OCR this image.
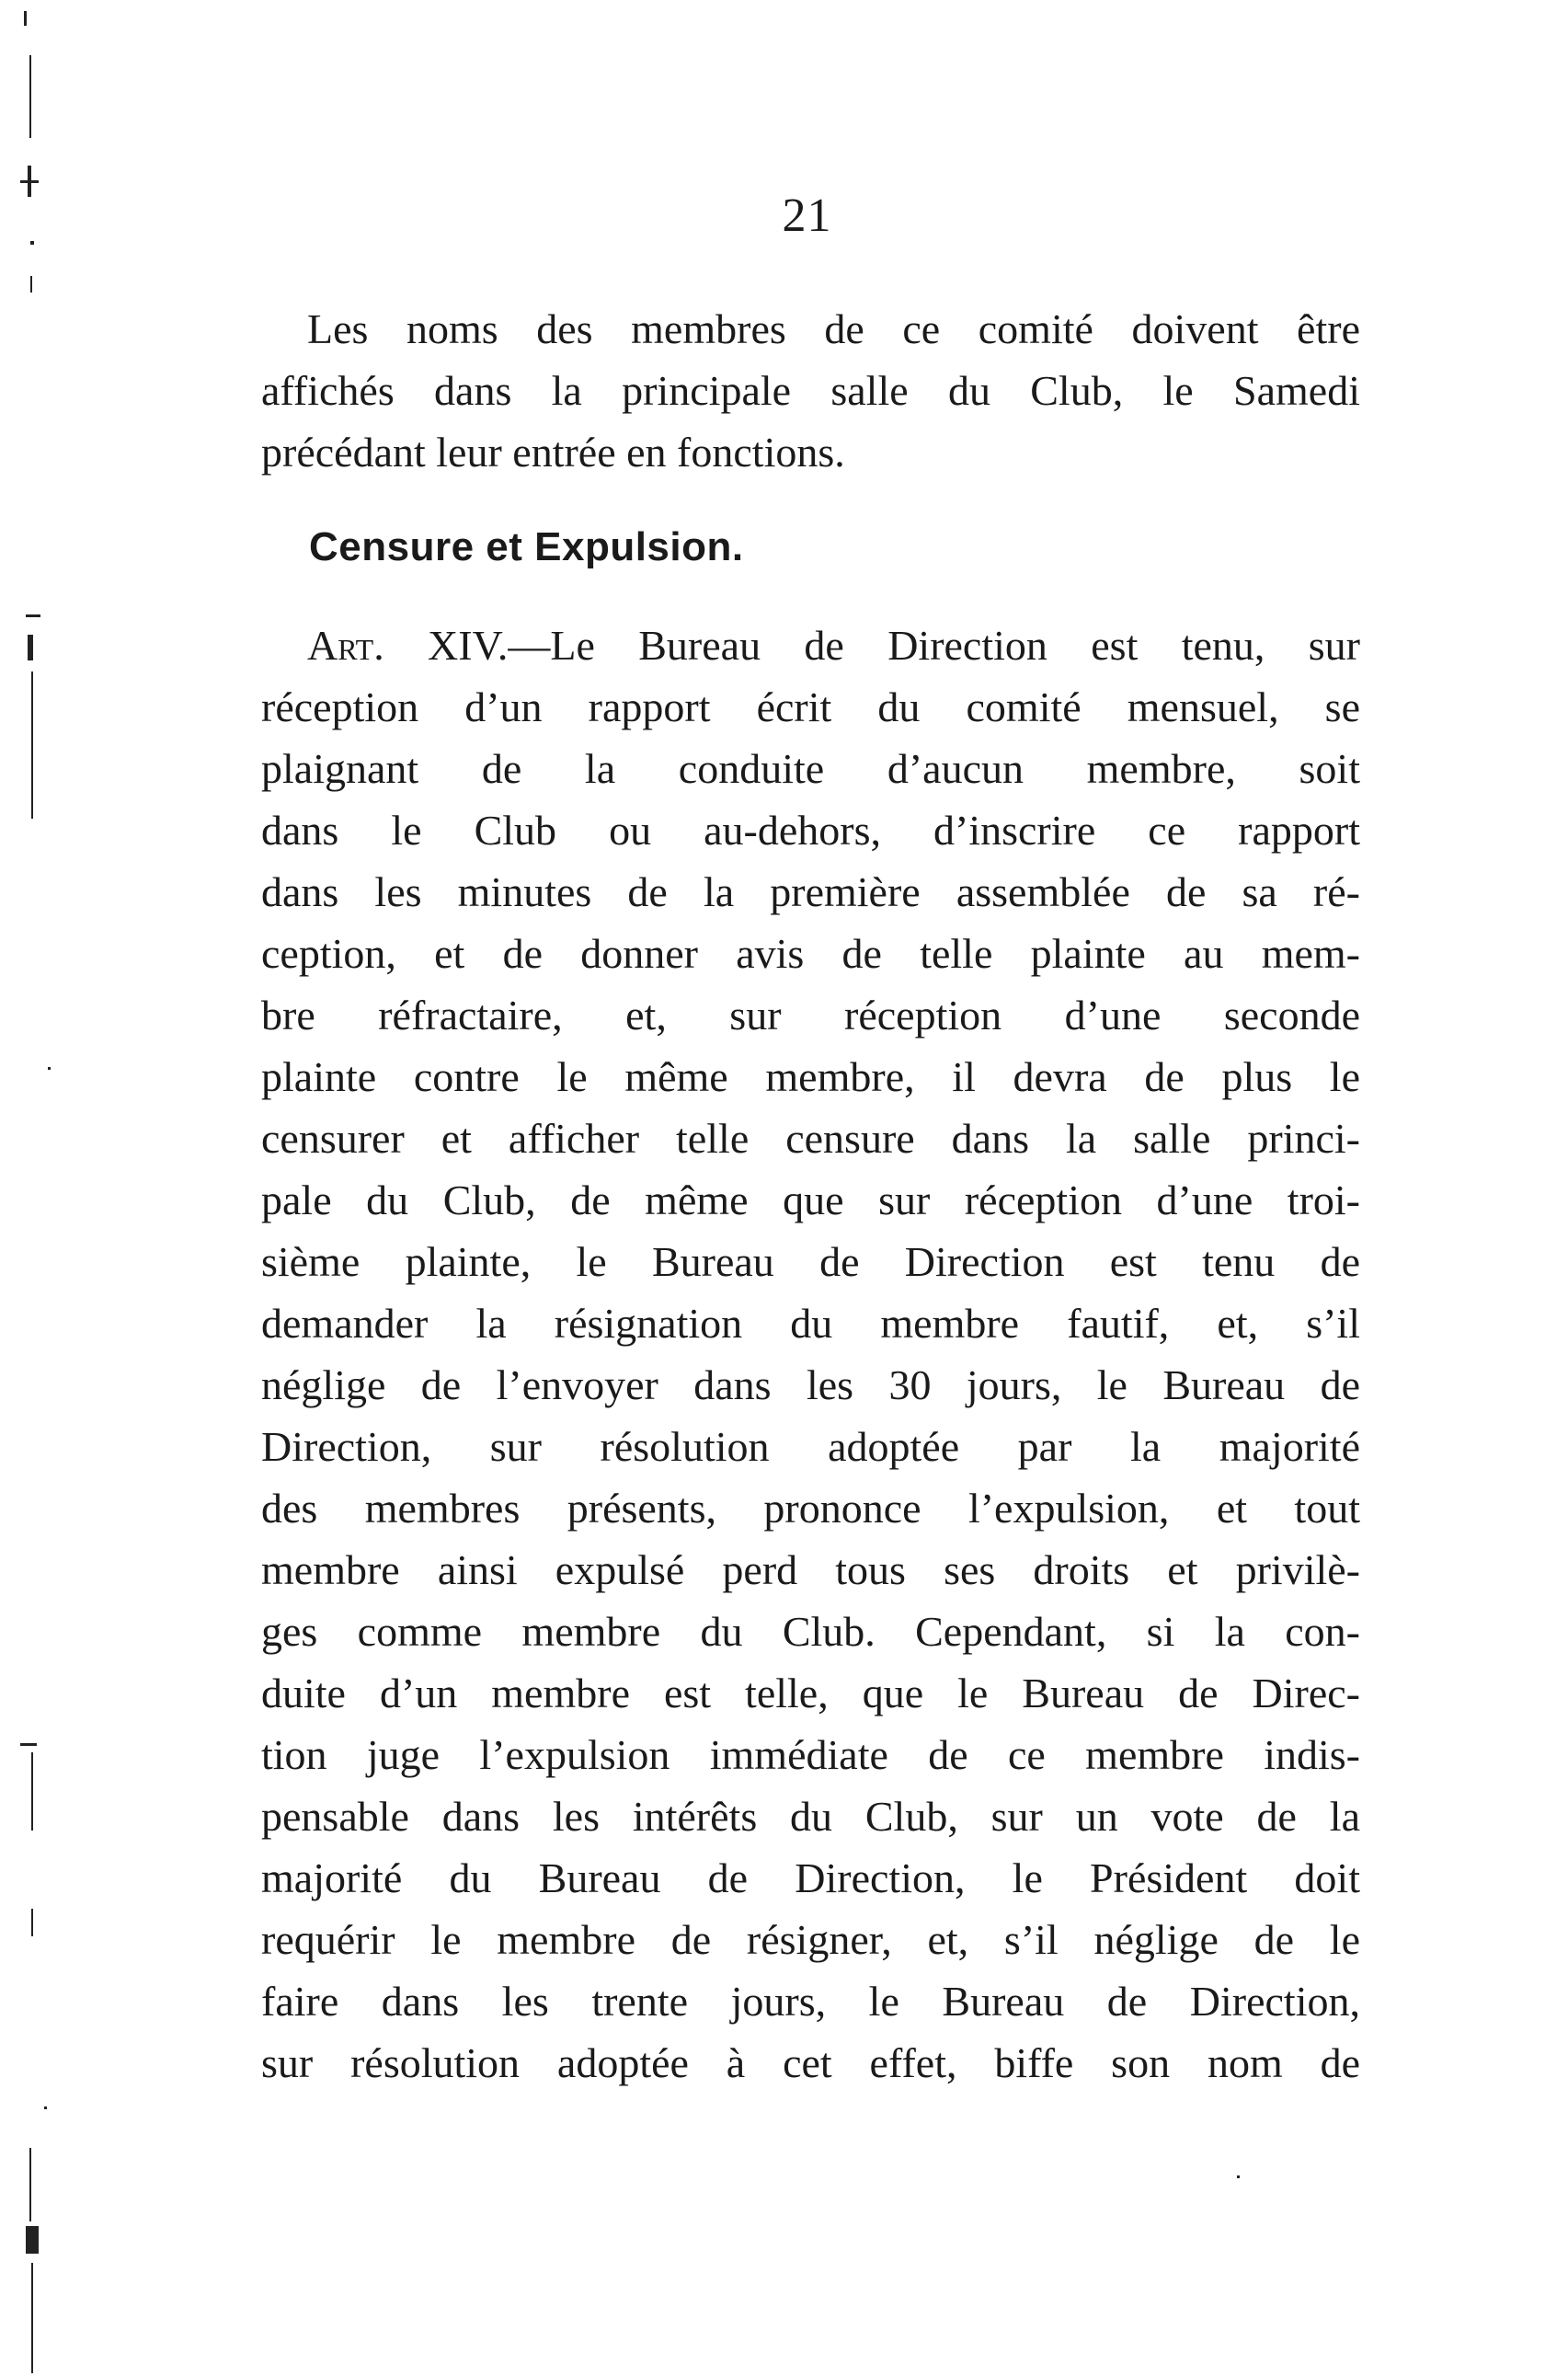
21
Les noms des membres de ce comité doivent être
affichés dans la principale salle du Club, le Samedi
précédant leur entrée en fonctions.
Censure et Expulsion.
Art. XIV.—Le Bureau de Direction est tenu, sur
réception d’un rapport écrit du comité mensuel, se
plaignant de la conduite d’aucun membre, soit
dans le Club ou au-dehors, d’inscrire ce rapport
dans les minutes de la première assemblée de sa ré-
ception, et de donner avis de telle plainte au mem-
bre réfractaire, et, sur réception d’une seconde
plainte contre le même membre, il devra de plus le
censurer et afficher telle censure dans la salle princi-
pale du Club, de même que sur réception d’une troi-
sième plainte, le Bureau de Direction est tenu de
demander la résignation du membre fautif, et, s’il
néglige de l’envoyer dans les 30 jours, le Bureau de
Direction, sur résolution adoptée par la majorité
des membres présents, prononce l’expulsion, et tout
membre ainsi expulsé perd tous ses droits et privilè-
ges comme membre du Club. Cependant, si la con-
duite d’un membre est telle, que le Bureau de Direc-
tion juge l’expulsion immédiate de ce membre indis-
pensable dans les intérêts du Club, sur un vote de la
majorité du Bureau de Direction, le Président doit
requérir le membre de résigner, et, s’il néglige de le
faire dans les trente jours, le Bureau de Direction,
sur résolution adoptée à cet effet, biffe son nom de
